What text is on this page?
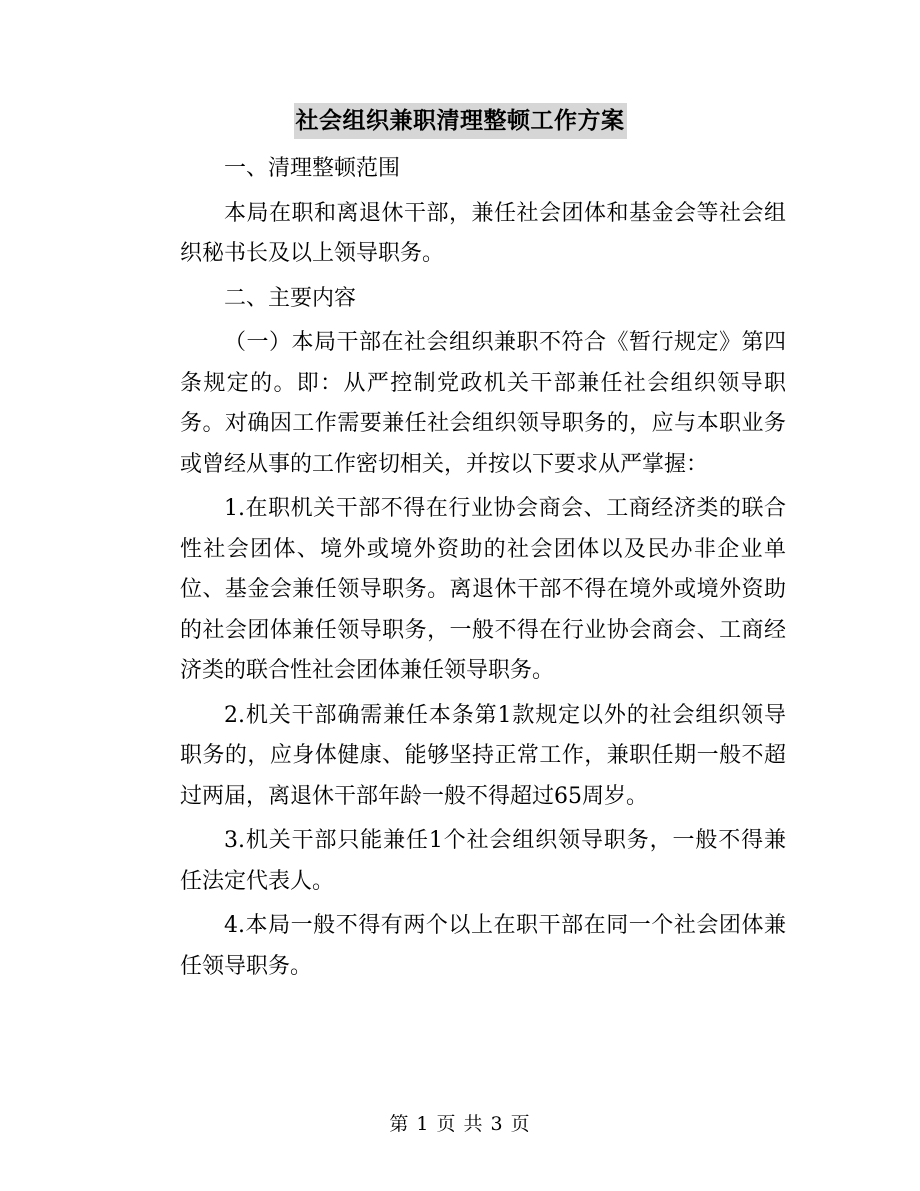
社会组织兼职清理整顿工作方案

一、清理整顿范围

本局在职和离退休干部，兼任社会团体和基金会等社会组织秘书长及以上领导职务。

二、主要内容

（一）本局干部在社会组织兼职不符合《暂行规定》第四条规定的。即：从严控制党政机关干部兼任社会组织领导职务。对确因工作需要兼任社会组织领导职务的，应与本职业务或曾经从事的工作密切相关，并按以下要求从严掌握：

1.在职机关干部不得在行业协会商会、工商经济类的联合性社会团体、境外或境外资助的社会团体以及民办非企业单位、基金会兼任领导职务。离退休干部不得在境外或境外资助的社会团体兼任领导职务，一般不得在行业协会商会、工商经济类的联合性社会团体兼任领导职务。

2.机关干部确需兼任本条第1款规定以外的社会组织领导职务的，应身体健康、能够坚持正常工作，兼职任期一般不超过两届，离退休干部年龄一般不得超过65周岁。

3.机关干部只能兼任1个社会组织领导职务，一般不得兼任法定代表人。

4.本局一般不得有两个以上在职干部在同一个社会团体兼任领导职务。

第 1 页 共 3 页
